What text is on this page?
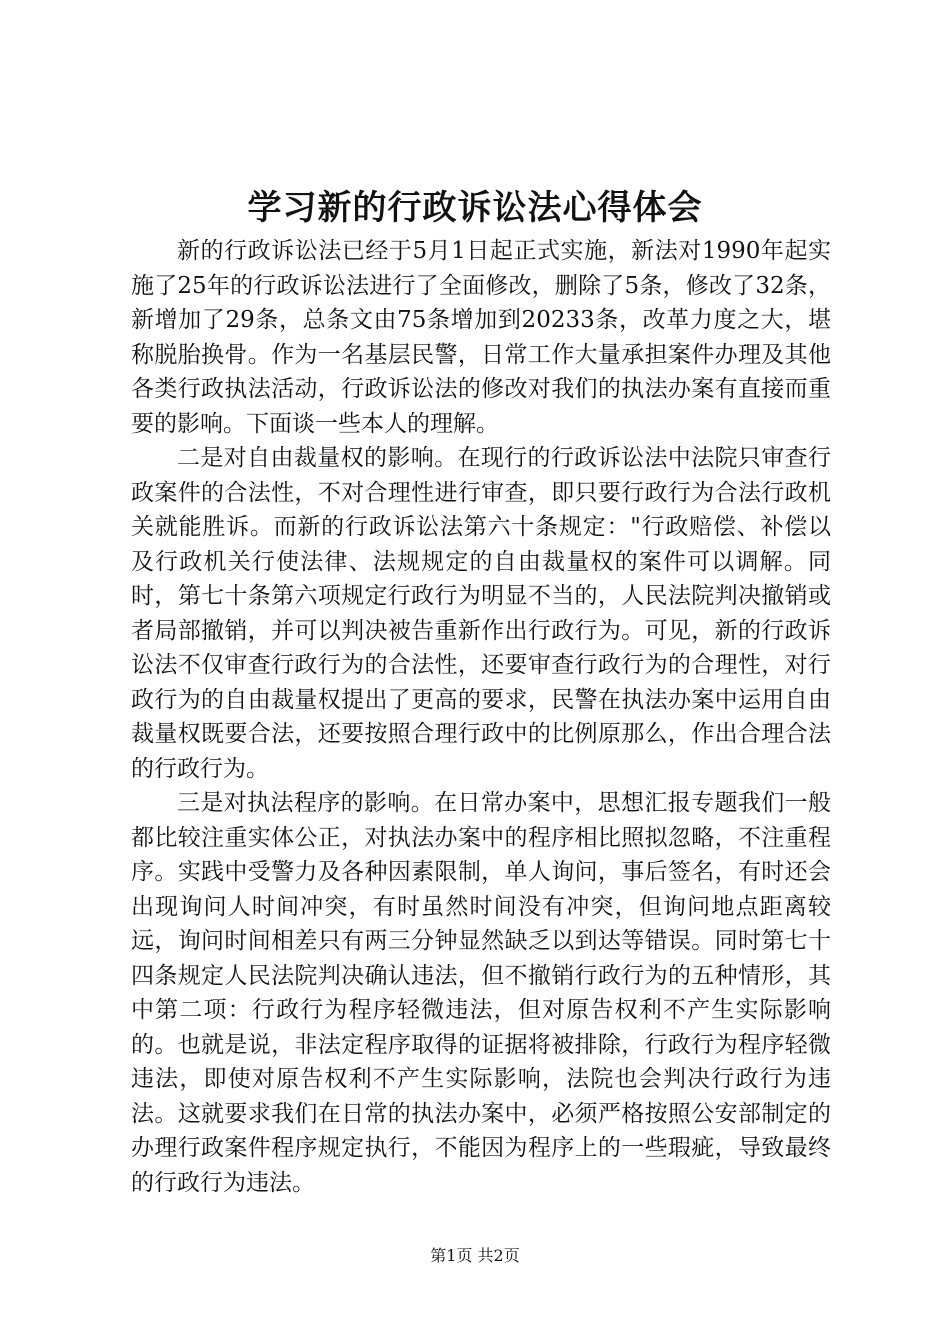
学习新的行政诉讼法心得体会

新的行政诉讼法已经于5月1日起正式实施，新法对1990年起实施了25年的行政诉讼法进行了全面修改，删除了5条，修改了32条，新增加了29条，总条文由75条增加到20233条，改革力度之大，堪称脱胎换骨。作为一名基层民警，日常工作大量承担案件办理及其他各类行政执法活动，行政诉讼法的修改对我们的执法办案有直接而重要的影响。下面谈一些本人的理解。

二是对自由裁量权的影响。在现行的行政诉讼法中法院只审查行政案件的合法性，不对合理性进行审查，即只要行政行为合法行政机关就能胜诉。而新的行政诉讼法第六十条规定："行政赔偿、补偿以及行政机关行使法律、法规规定的自由裁量权的案件可以调解。同时，第七十条第六项规定行政行为明显不当的，人民法院判决撤销或者局部撤销，并可以判决被告重新作出行政行为。可见，新的行政诉讼法不仅审查行政行为的合法性，还要审查行政行为的合理性，对行政行为的自由裁量权提出了更高的要求，民警在执法办案中运用自由裁量权既要合法，还要按照合理行政中的比例原那么，作出合理合法的行政行为。

三是对执法程序的影响。在日常办案中，思想汇报专题我们一般都比较注重实体公正，对执法办案中的程序相比照拟忽略，不注重程序。实践中受警力及各种因素限制，单人询问，事后签名，有时还会出现询问人时间冲突，有时虽然时间没有冲突，但询问地点距离较远，询问时间相差只有两三分钟显然缺乏以到达等错误。同时第七十四条规定人民法院判决确认违法，但不撤销行政行为的五种情形，其中第二项：行政行为程序轻微违法，但对原告权利不产生实际影响的。也就是说，非法定程序取得的证据将被排除，行政行为程序轻微违法，即使对原告权利不产生实际影响，法院也会判决行政行为违法。这就要求我们在日常的执法办案中，必须严格按照公安部制定的办理行政案件程序规定执行，不能因为程序上的一些瑕疵，导致最终的行政行为违法。

第1页 共2页
